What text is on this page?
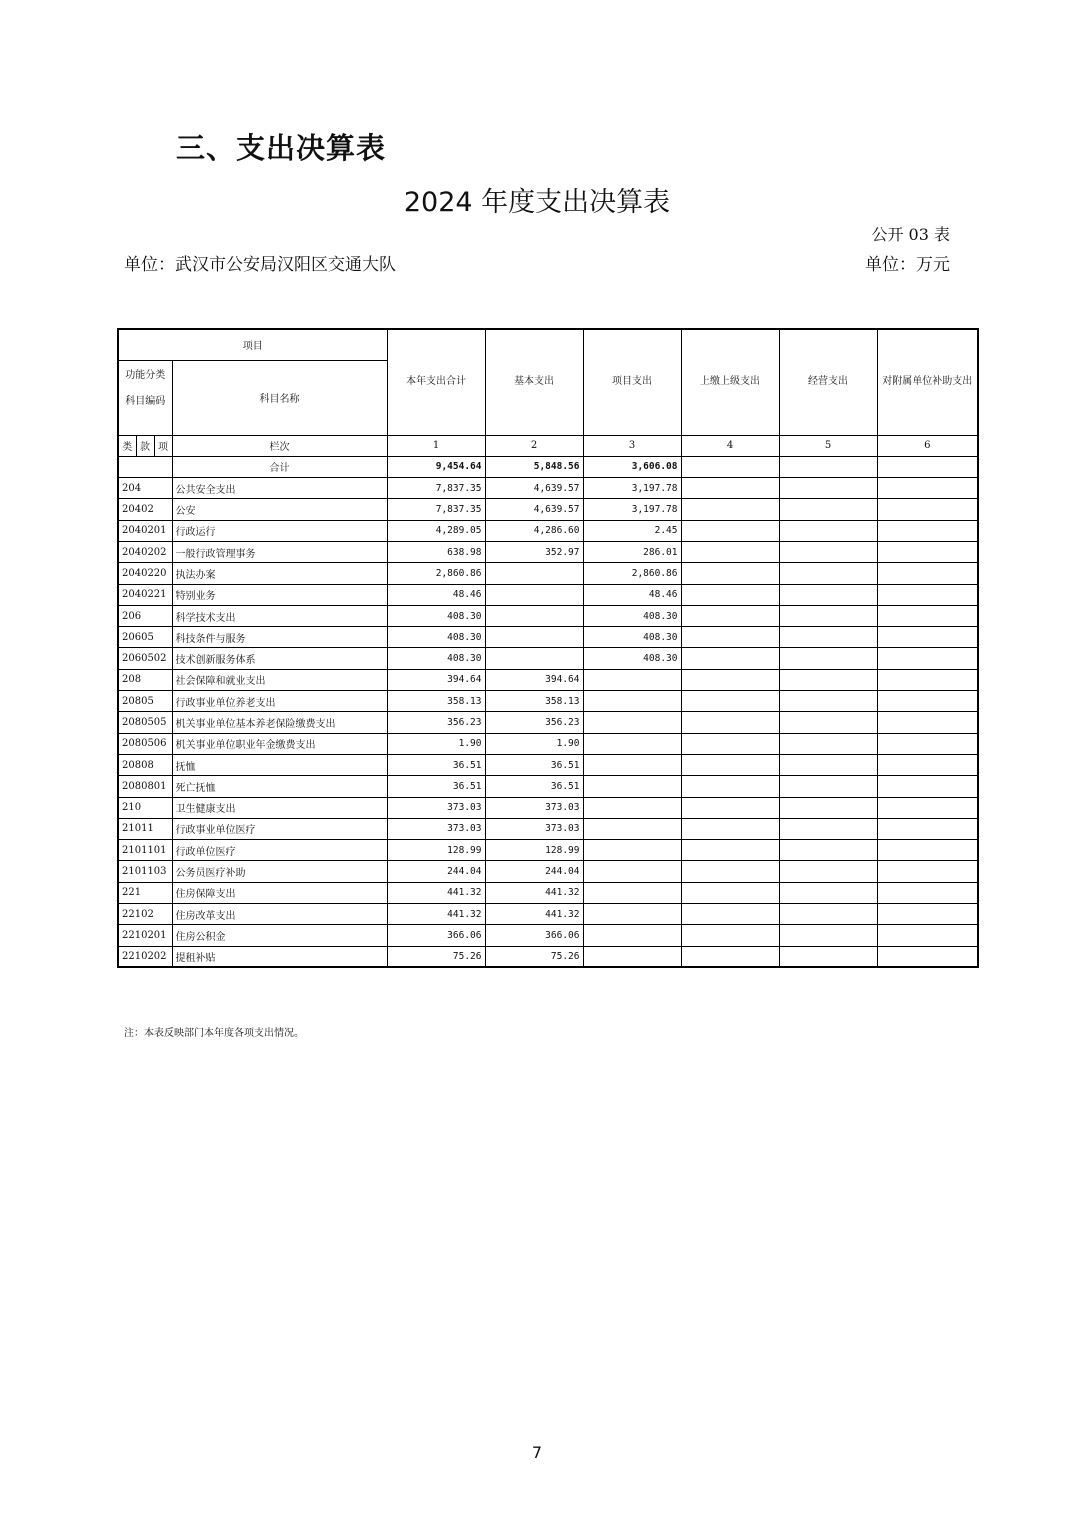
三、支出决算表
2024 年度支出决算表
公开 03 表
单位：武汉市公安局汉阳区交通大队	单位：万元
项目				本年支出合计	基本支出	项目支出	上缴上级支出	经营支出	对附属单位补助支出
功能分类科目编码			科目名称						
类	款	项	栏次	1	2	3	4	5	6
			合计	9,454.64	5,848.56	3,606.08			
204			公共安全支出	7,837.35	4,639.57	3,197.78			
20402			公安	7,837.35	4,639.57	3,197.78			
2040201			行政运行	4,289.05	4,286.60	2.45			
2040202			一般行政管理事务	638.98	352.97	286.01			
2040220			执法办案	2,860.86		2,860.86			
2040221			特别业务	48.46		48.46			
206			科学技术支出	408.30		408.30			
20605			科技条件与服务	408.30		408.30			
2060502			技术创新服务体系	408.30		408.30			
208			社会保障和就业支出	394.64	394.64				
20805			行政事业单位养老支出	358.13	358.13				
2080505			机关事业单位基本养老保险缴费支出	356.23	356.23				
2080506			机关事业单位职业年金缴费支出	1.90	1.90				
20808			抚恤	36.51	36.51				
2080801			死亡抚恤	36.51	36.51				
210			卫生健康支出	373.03	373.03				
21011			行政事业单位医疗	373.03	373.03				
2101101			行政单位医疗	128.99	128.99				
2101103			公务员医疗补助	244.04	244.04				
221			住房保障支出	441.32	441.32				
22102			住房改革支出	441.32	441.32				
2210201			住房公积金	366.06	366.06				
2210202			提租补贴	75.26	75.26				
注：本表反映部门本年度各项支出情况。
7
